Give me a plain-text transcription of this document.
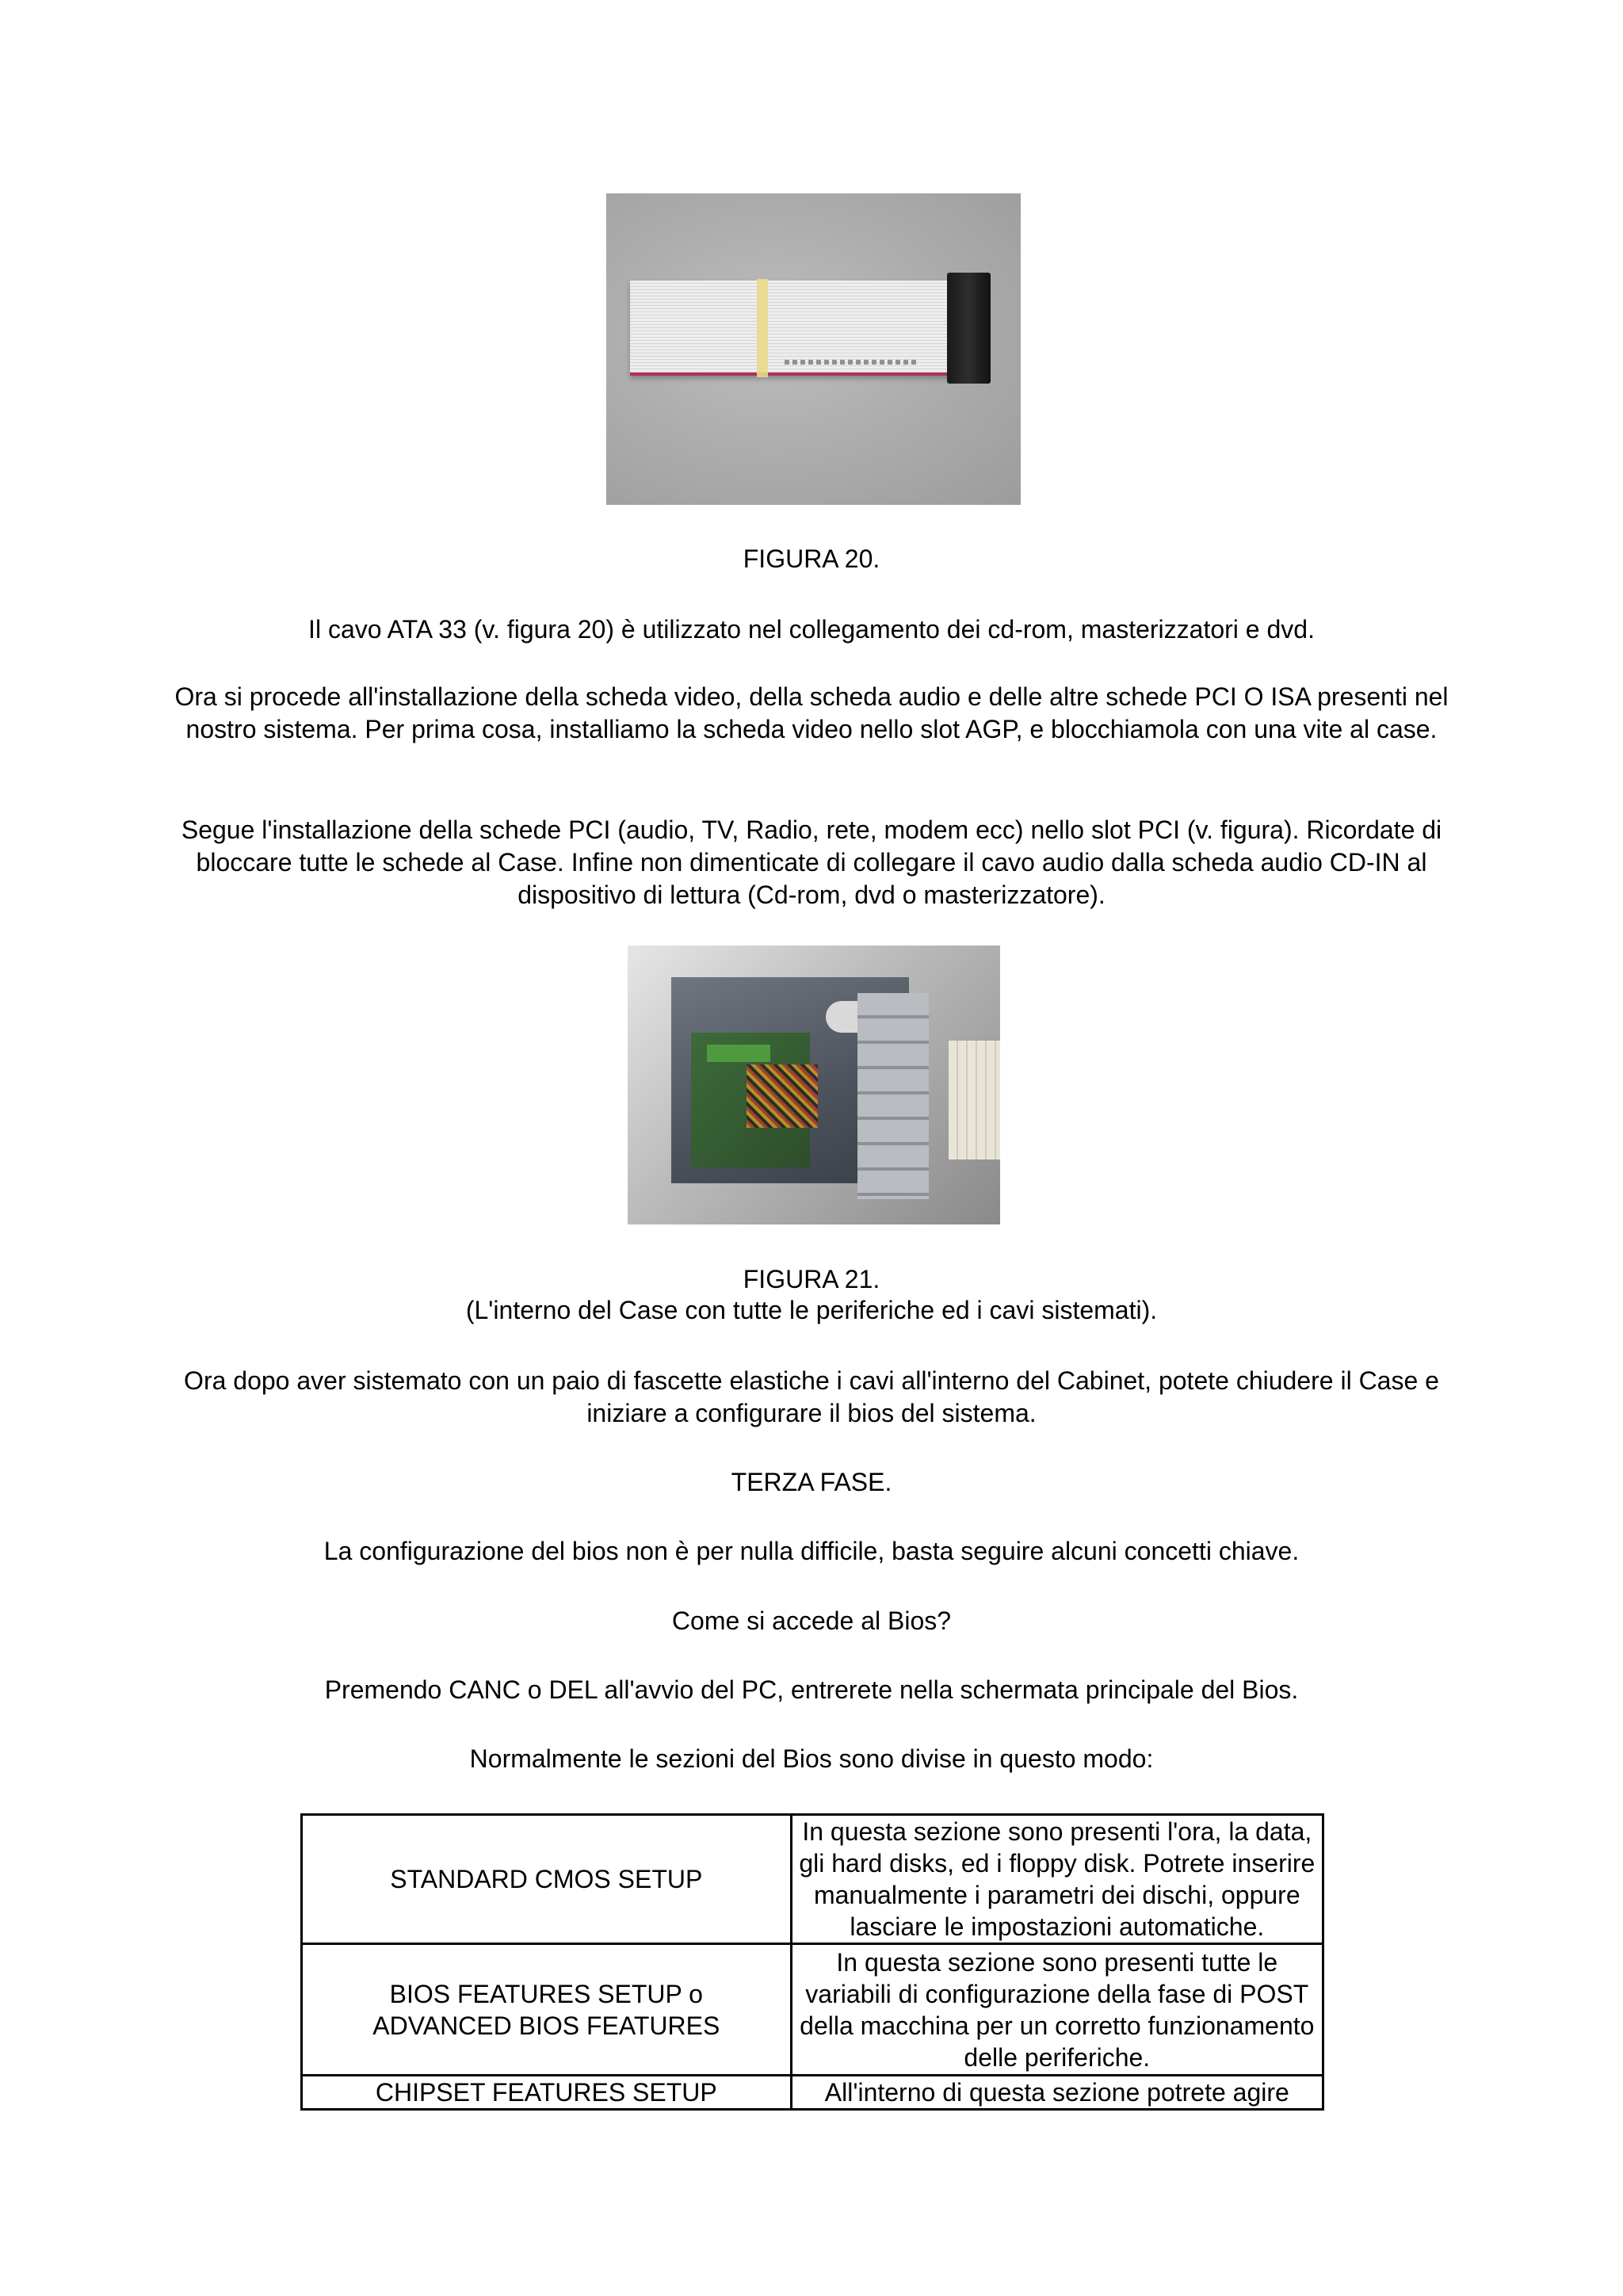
FIGURA 20.
Il cavo ATA 33 (v. figura 20) è utilizzato nel collegamento dei cd-rom, masterizzatori e dvd.
Ora si procede all'installazione della scheda video, della scheda audio e delle altre schede PCI O ISA presenti nel nostro sistema. Per prima cosa, installiamo la scheda video nello slot AGP, e blocchiamola con una vite al case.
Segue l'installazione della schede PCI (audio, TV, Radio, rete, modem ecc) nello slot PCI (v. figura). Ricordate di bloccare tutte le schede al Case. Infine non dimenticate di collegare il cavo audio dalla scheda audio CD-IN al dispositivo di lettura (Cd-rom, dvd o masterizzatore).
FIGURA 21.
(L'interno del Case con tutte le periferiche ed i cavi sistemati).
Ora dopo aver sistemato con un paio di fascette elastiche i cavi all'interno del Cabinet, potete chiudere il Case e iniziare a configurare il bios del sistema.
TERZA FASE.
La configurazione del bios non è per nulla difficile, basta seguire alcuni concetti chiave.
Come si accede al Bios?
Premendo CANC o DEL all'avvio del PC, entrerete nella schermata principale del Bios.
Normalmente le sezioni del Bios sono divise in questo modo:
STANDARD CMOS SETUP	In questa sezione sono presenti l'ora, la data, gli hard disks, ed i floppy disk. Potrete inserire manualmente i parametri dei dischi, oppure lasciare le impostazioni automatiche.
BIOS FEATURES SETUP o ADVANCED BIOS FEATURES	In questa sezione sono presenti tutte le variabili di configurazione della fase di POST della macchina per un corretto funzionamento delle periferiche.
CHIPSET FEATURES SETUP	All'interno di questa sezione potrete agire
